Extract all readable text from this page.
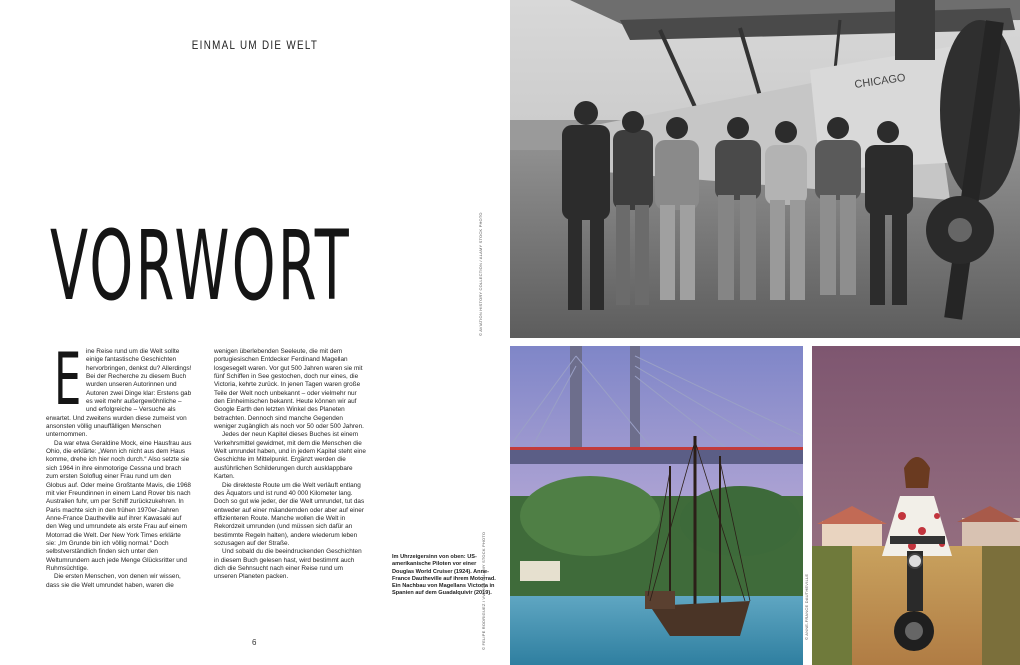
EINMAL UM DIE WELT
VORWORT
E ine Reise rund um die Welt sollte einige fantastische Geschichten hervorbringen, denkst du? Allerdings! Bei der Recherche zu diesem Buch wurden unseren Autorinnen und Autoren zwei Dinge klar: Erstens gab es weit mehr außergewöhnliche – und erfolgreiche – Versuche als erwartet. Und zweitens wurden diese zumeist von ansonsten völlig unauffälligen Menschen unternommen.

Da war etwa Geraldine Mock, eine Hausfrau aus Ohio, die erklärte: „Wenn ich nicht aus dem Haus komme, drehe ich hier noch durch.“ Also setzte sie sich 1964 in ihre einmotorige Cessna und brach zum ersten Soloflug einer Frau rund um den Globus auf. Oder meine Großtante Mavis, die 1968 mit vier Freundinnen in einem Land Rover bis nach Australien fuhr, um per Schiff zurückzukehren. In Paris machte sich in den frühen 1970er-Jahren Anne-France Dautheville auf ihrer Kawasaki auf den Weg und umrundete als erste Frau auf einem Motorrad die Welt. Der New York Times erklärte sie: „Im Grunde bin ich völlig normal.“ Doch selbstverständlich finden sich unter den Weltumrundern auch jede Menge Glücksritter und Ruhmsüchtige.

Die ersten Menschen, von denen wir wissen, dass sie die Welt umrundet haben, waren die

wenigen überlebenden Seeleute, die mit dem portugiesischen Entdecker Ferdinand Magellan losgesegelt waren. Vor gut 500 Jahren waren sie mit fünf Schiffen in See gestochen, doch nur eines, die Victoria, kehrte zurück. In jenen Tagen waren große Teile der Welt noch unbekannt – oder vielmehr nur den Einheimischen bekannt. Heute können wir auf Google Earth den letzten Winkel des Planeten betrachten. Dennoch sind manche Gegenden weniger zugänglich als noch vor 50 oder 500 Jahren.

Jedes der neun Kapitel dieses Buches ist einem Verkehrsmittel gewidmet, mit dem die Menschen die Welt umrundet haben, und in jedem Kapitel steht eine Geschichte im Mittelpunkt. Ergänzt werden die ausführlichen Schilderungen durch ausklappbare Karten.

Die direkteste Route um die Welt verläuft entlang des Äquators und ist rund 40 000 Kilometer lang. Doch so gut wie jeder, der die Welt umrundet, tut das entweder auf einer mäandernden oder aber auf einer effizienteren Route. Manche wollen die Welt in Rekordzeit umrunden (und müssen sich dafür an bestimmte Regeln halten), andere wiederum leben sozusagen auf der Straße.

Und sobald du die beeindruckenden Geschichten in diesem Buch gelesen hast, wird bestimmt auch dich die Sehnsucht nach einer Reise rund um unseren Planeten packen.

6
Im Uhrzeigersinn von oben: US-amerikanische Piloten vor einer Douglas World Cruiser (1924). Anne-France Dautheville auf ihrem Motorrad. Ein Nachbau von Magellans Victoria in Spanien auf dem Guadalquivir (2019).
CHICAGO
© AVIATION HISTORY COLLECTION / ALAMY STOCK PHOTO
© FELIPE RODRIGUEZ / VWPICS / ALAMY STOCK PHOTO	© ANNE-FRANCE DAUTHEVILLE
